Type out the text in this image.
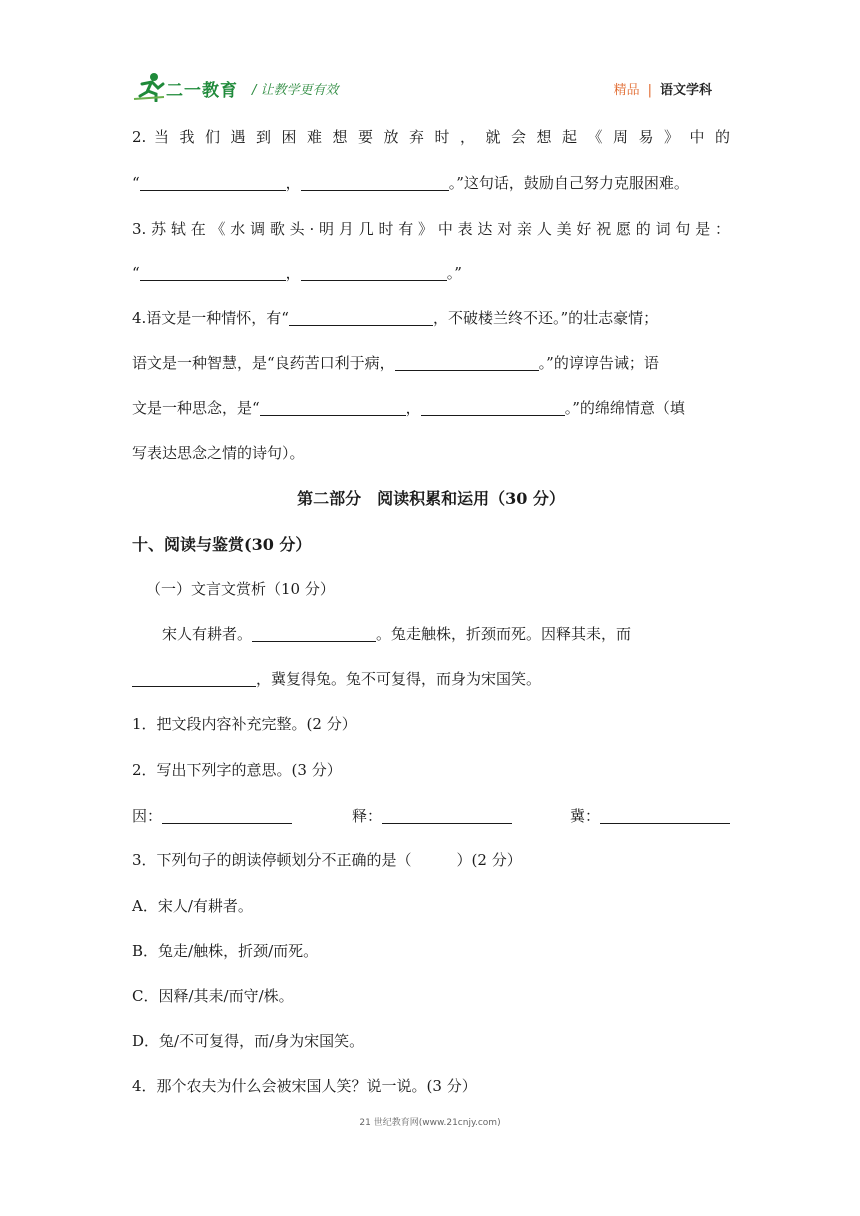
二一教育 / 让教学更有效	精品 | 语文学科
2. 当 我 们 遇 到 困 难 想 要 放 弃 时 ， 就 会 想 起 《 周 易 》 中 的
“	，	。”这句话，鼓励自己努力克服困难。
3.苏轼在《水调歌头·明月几时有》中表达对亲人美好祝愿的词句是：
“	，	。”
4.语文是一种情怀，有“	，不破楼兰终不还。”的壮志豪情；
语文是一种智慧，是“良药苦口利于病，	。”的谆谆告诫；语
文是一种思念，是“	，	。”的绵绵情意（填
写表达思念之情的诗句）。
第二部分　阅读积累和运用（30 分）
十、阅读与鉴赏(30 分）
（一）文言文赏析（10 分）
宋人有耕者。	。兔走触株，折颈而死。因释其耒，而
，冀复得兔。兔不可复得，而身为宋国笑。
1．把文段内容补充完整。(2 分）
2．写出下列字的意思。(3 分）
因：	释：	冀：
3．下列句子的朗读停顿划分不正确的是（　　　）(2 分）
A．宋人/有耕者。
B．兔走/触株，折颈/而死。
C．因释/其耒/而守/株。
D．兔/不可复得，而/身为宋国笑。
4．那个农夫为什么会被宋国人笑？说一说。(3 分）
21 世纪教育网(www.21cnjy.com)
